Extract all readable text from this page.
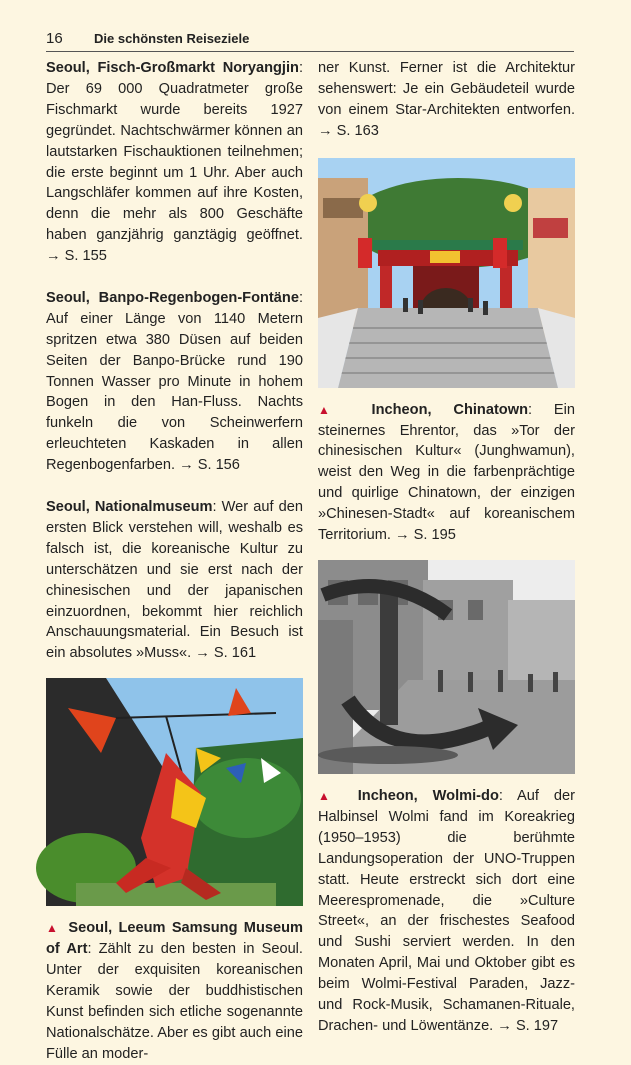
16	Die schönsten Reiseziele

Seoul, Fisch-Großmarkt Noryangjin: Der 69 000 Quadratmeter große Fischmarkt wurde bereits 1927 gegründet. Nachtschwärmer können an lautstarken Fischauktionen teilnehmen; die erste beginnt um 1 Uhr. Aber auch Langschläfer kommen auf ihre Kosten, denn die mehr als 800 Geschäfte haben ganzjährig ganztägig geöffnet. → S. 155

Seoul, Banpo-Regenbogen-Fontäne: Auf einer Länge von 1140 Metern spritzen etwa 380 Düsen auf beiden Seiten der Banpo-Brücke rund 190 Tonnen Wasser pro Minute in hohem Bogen in den Han-Fluss. Nachts funkeln die von Scheinwerfern erleuchteten Kaskaden in allen Regenbogenfarben. → S. 156

Seoul, Nationalmuseum: Wer auf den ersten Blick verstehen will, weshalb es falsch ist, die koreanische Kultur zu unterschätzen und sie erst nach der chinesischen und der japanischen einzuordnen, bekommt hier reichlich Anschauungsmaterial. Ein Besuch ist ein absolutes »Muss«. → S. 161

▲ Seoul, Leeum Samsung Museum of Art: Zählt zu den besten in Seoul. Unter der exquisiten koreanischen Keramik sowie der buddhistischen Kunst befinden sich etliche sogenannte Nationalschätze. Aber es gibt auch eine Fülle an moder-

ner Kunst. Ferner ist die Architektur sehenswert: Je ein Gebäudeteil wurde von einem Star-Architekten entworfen. → S. 163

▲ Incheon, Chinatown: Ein steinernes Ehrentor, das »Tor der chinesischen Kultur« (Junghwamun), weist den Weg in die farbenprächtige und quirlige Chinatown, der einzigen »Chinesen-Stadt« auf koreanischem Territorium. → S. 195

▲ Incheon, Wolmi-do: Auf der Halbinsel Wolmi fand im Koreakrieg (1950–1953) die berühmte Landungsoperation der UNO-Truppen statt. Heute erstreckt sich dort eine Meerespromenade, die »Culture Street«, an der frischestes Seafood und Sushi serviert werden. In den Monaten April, Mai und Oktober gibt es beim Wolmi-Festival Paraden, Jazz- und Rock-Musik, Schamanen-Rituale, Drachen- und Löwentänze. → S. 197
